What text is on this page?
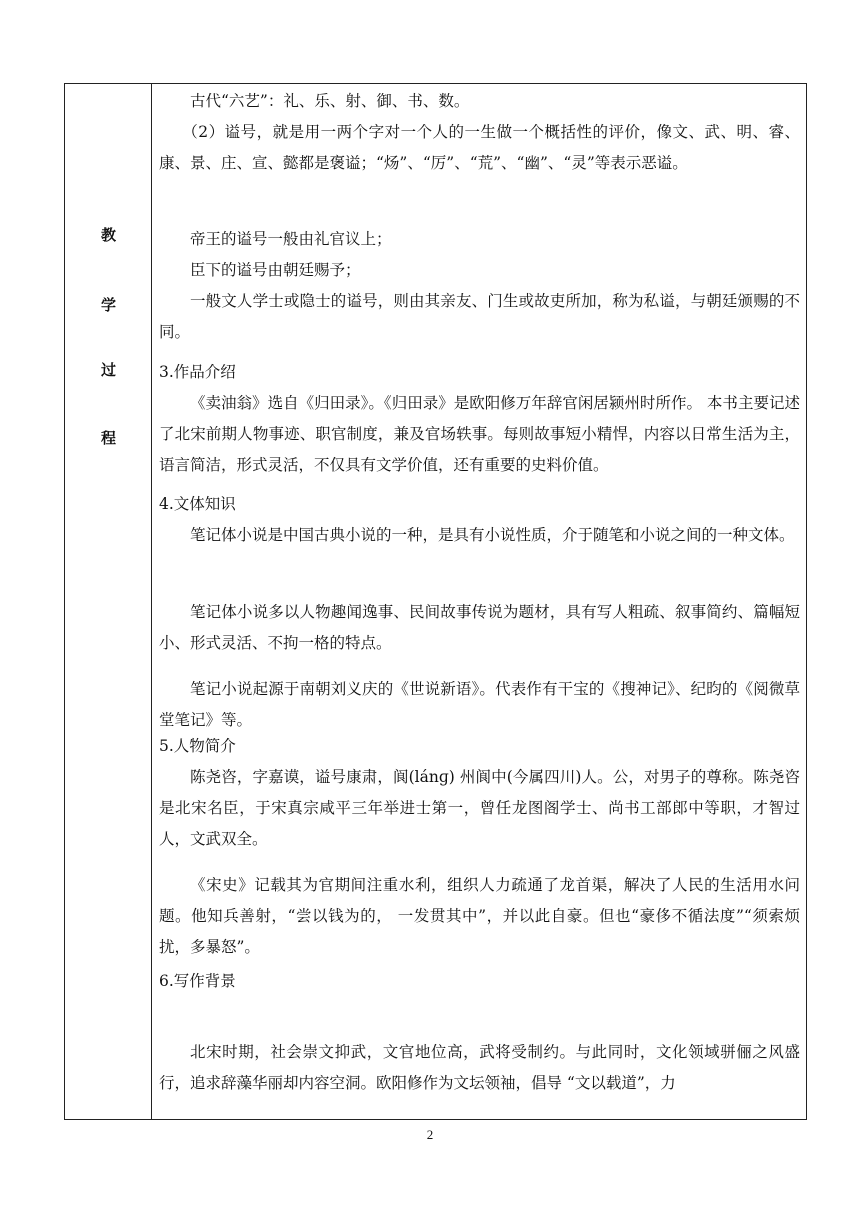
教
学
过
程
古代“六艺”：礼、乐、射、御、书、数。
（2）谥号，就是用一两个字对一个人的一生做一个概括性的评价，像文、武、明、睿、康、景、庄、宣、懿都是褒谥；“炀”、“厉”、“荒”、“幽”、“灵”等表示恶谥。
帝王的谥号一般由礼官议上；
臣下的谥号由朝廷赐予；
一般文人学士或隐士的谥号，则由其亲友、门生或故吏所加，称为私谥，与朝廷颁赐的不同。
3.作品介绍
《卖油翁》选自《归田录》。《归田录》是欧阳修万年辞官闲居颍州时所作。 本书主要记述了北宋前期人物事迹、职官制度，兼及官场轶事。每则故事短小精悍，内容以日常生活为主，语言简洁，形式灵活，不仅具有文学价值，还有重要的史料价值。
4.文体知识
笔记体小说是中国古典小说的一种，是具有小说性质，介于随笔和小说之间的一种文体。
笔记体小说多以人物趣闻逸事、民间故事传说为题材，具有写人粗疏、叙事简约、篇幅短小、形式灵活、不拘一格的特点。
笔记小说起源于南朝刘义庆的《世说新语》。代表作有干宝的《搜神记》、纪昀的《阅微草堂笔记》等。
5.人物简介
陈尧咨，字嘉谟，谥号康肃，阆(lánɡ) 州阆中(今属四川)人。公，对男子的尊称。陈尧咨是北宋名臣，于宋真宗咸平三年举进士第一，曾任龙图阁学士、尚书工部郎中等职，才智过人，文武双全。
《宋史》记载其为官期间注重水利，组织人力疏通了龙首渠，解决了人民的生活用水问题。他知兵善射，“尝以钱为的， 一发贯其中”，并以此自豪。但也“豪侈不循法度”“须索烦扰，多暴怒”。
6.写作背景
北宋时期，社会崇文抑武，文官地位高，武将受制约。与此同时，文化领域骈俪之风盛行，追求辞藻华丽却内容空洞。欧阳修作为文坛领袖，倡导 “文以载道”，力
2
